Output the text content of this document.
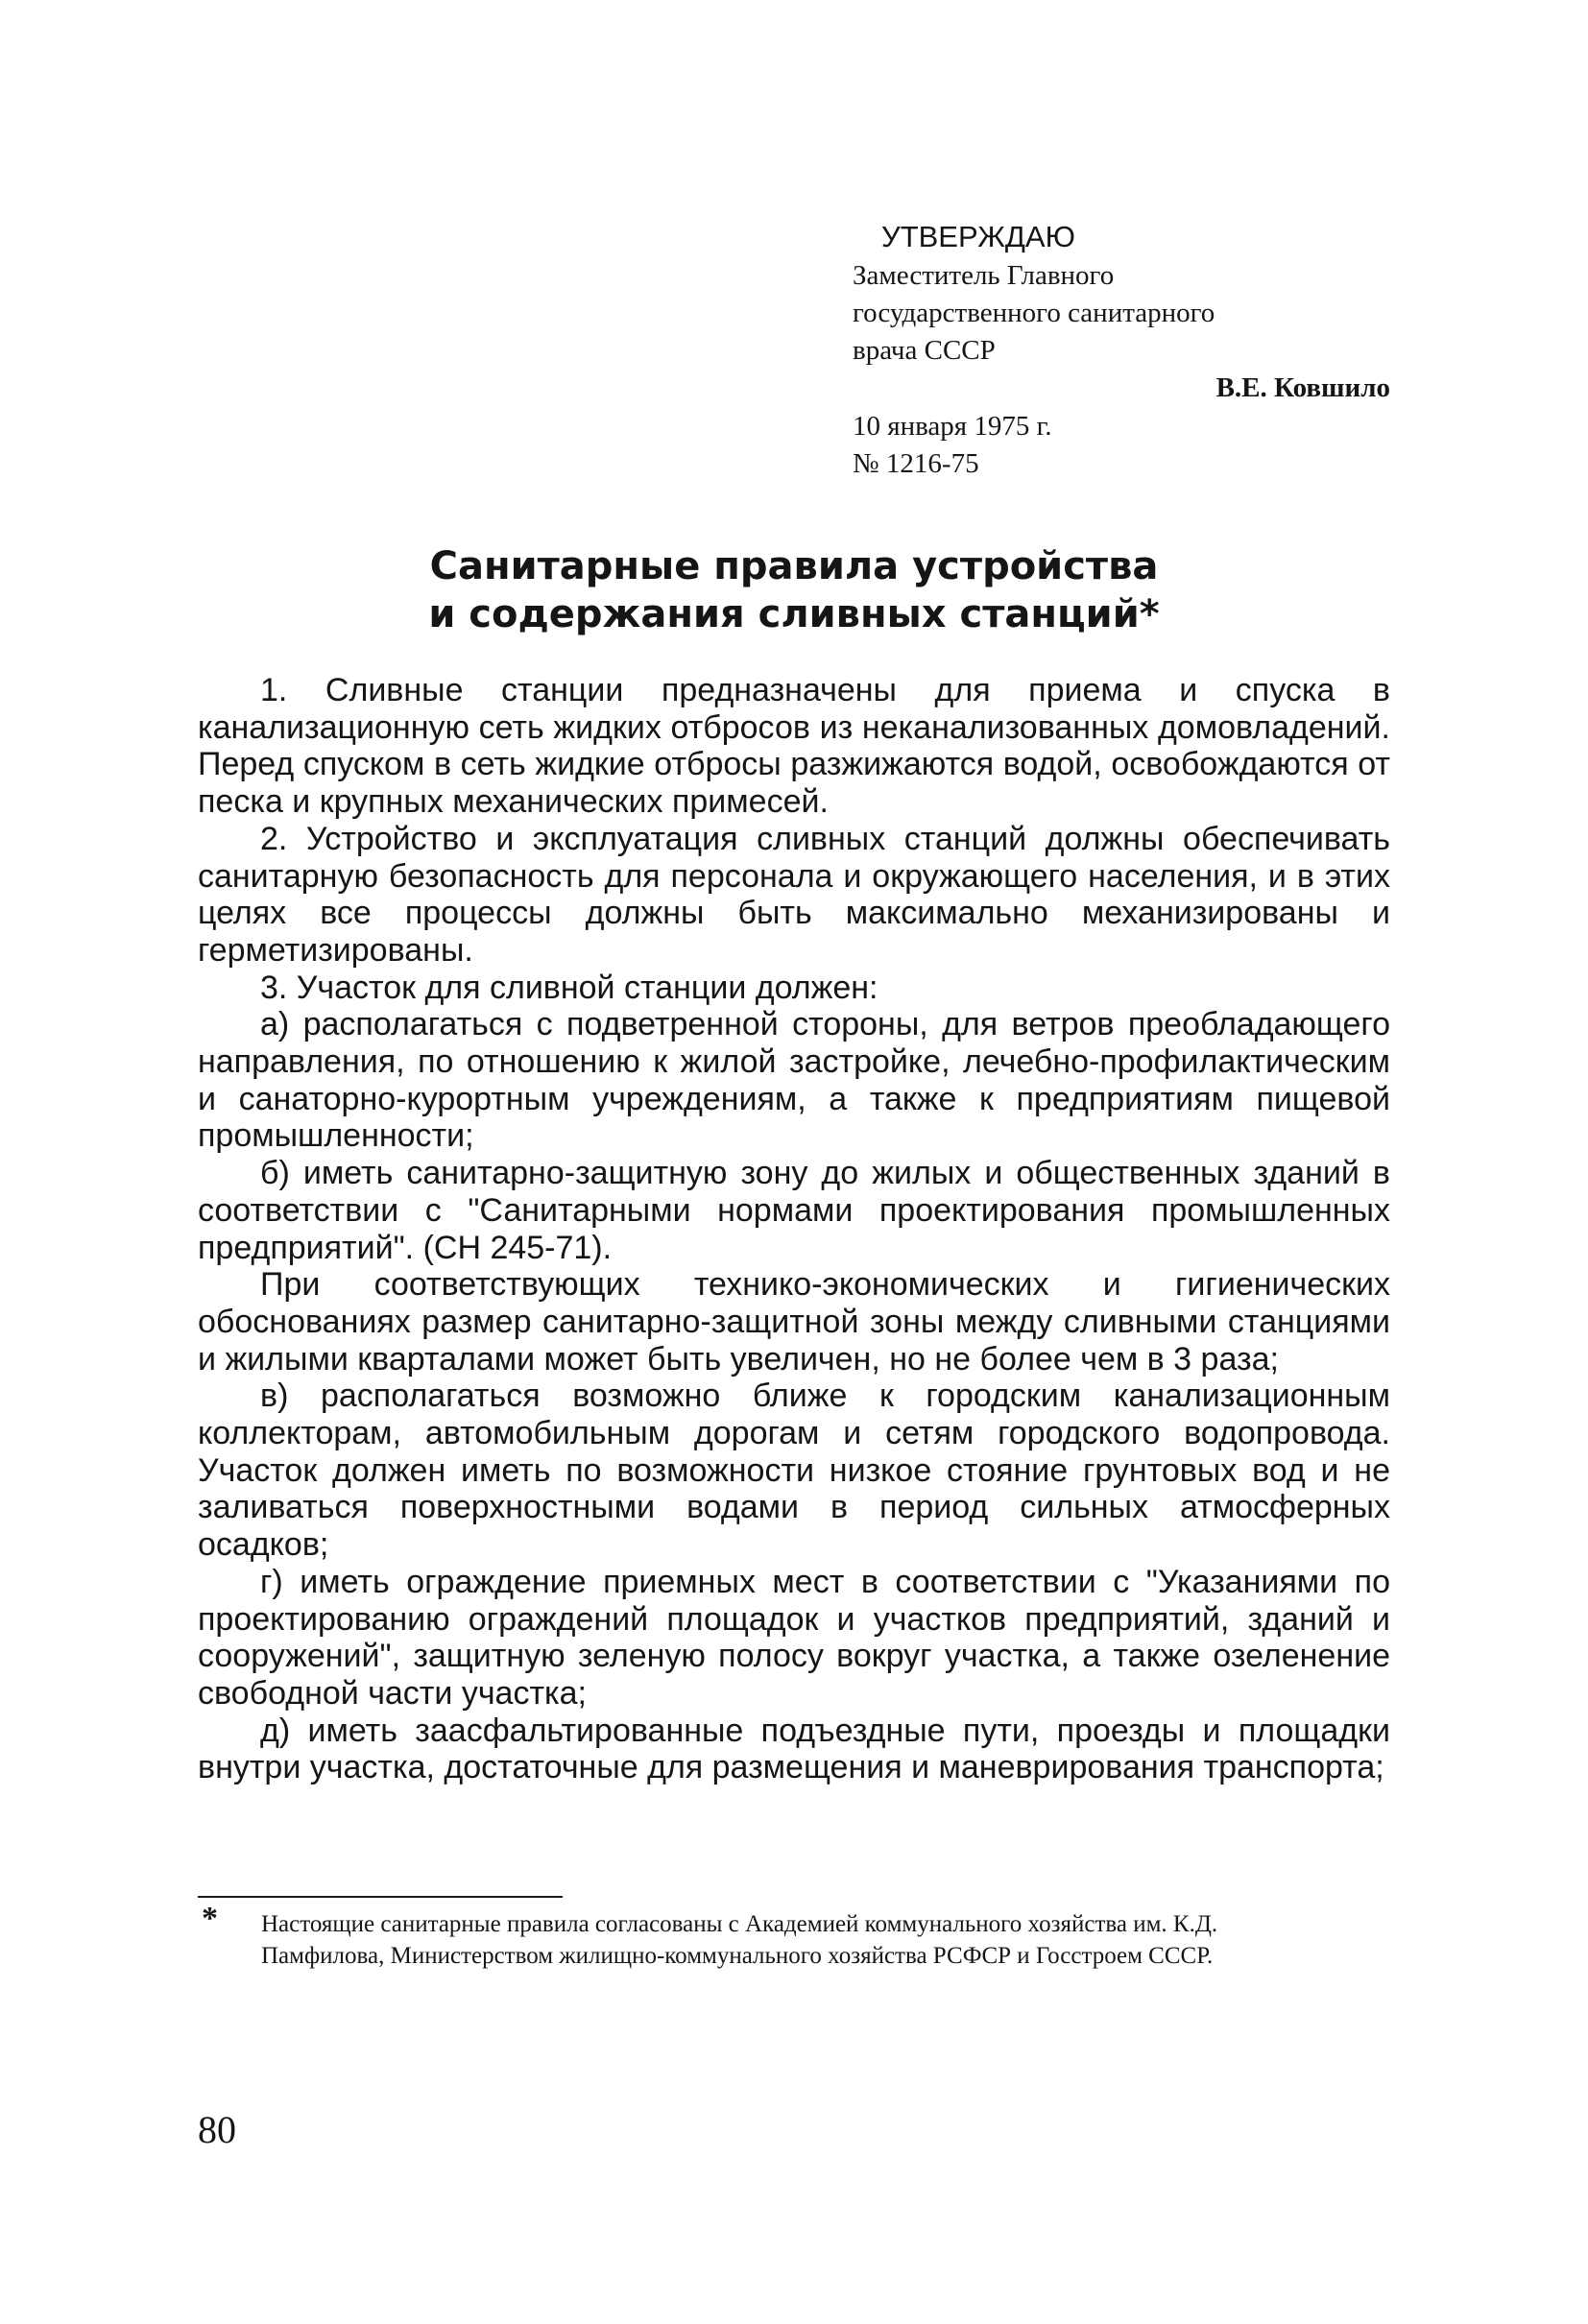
УТВЕРЖДАЮ
Заместитель Главного
государственного санитарного
врача СССР
В.Е. Ковшило
10 января 1975 г.
№ 1216-75
Санитарные правила устройства
и содержания сливных станций*

1. Сливные станции предназначены для приема и спуска в канализационную сеть жидких отбросов из неканализованных домовладений. Перед спуском в сеть жидкие отбросы разжижаются водой, освобождаются от песка и крупных механических примесей.

2. Устройство и эксплуатация сливных станций должны обеспечивать санитарную безопасность для персонала и окружающего населения, и в этих целях все процессы должны быть максимально механизированы и герметизированы.

3. Участок для сливной станции должен:

а) располагаться с подветренной стороны, для ветров преобладающего направления, по отношению к жилой застройке, лечебно-профилактическим и санаторно-курортным учреждениям, а также к предприятиям пищевой промышленности;

б) иметь санитарно-защитную зону до жилых и общественных зданий в соответствии с "Санитарными нормами проектирования промышленных предприятий". (СН 245-71).

При соответствующих технико-экономических и гигиенических обоснованиях размер санитарно-защитной зоны между сливными станциями и жилыми кварталами может быть увеличен, но не более чем в 3 раза;

в) располагаться возможно ближе к городским канализационным коллекторам, автомобильным дорогам и сетям городского водопровода. Участок должен иметь по возможности низкое стояние грунтовых вод и не заливаться поверхностными водами в период сильных атмосферных осадков;

г) иметь ограждение приемных мест в соответствии с "Указаниями по проектированию ограждений площадок и участков предприятий, зданий и сооружений", защитную зеленую полосу вокруг участка, а также озеленение свободной части участка;

д) иметь заасфальтированные подъездные пути, проезды и площадки внутри участка, достаточные для размещения и маневрирования транспорта;

* Настоящие санитарные правила согласованы с Академией коммунального хозяйства им. К.Д. Памфилова, Министерством жилищно-коммунального хозяйства РСФСР и Госстроем СССР.
80
